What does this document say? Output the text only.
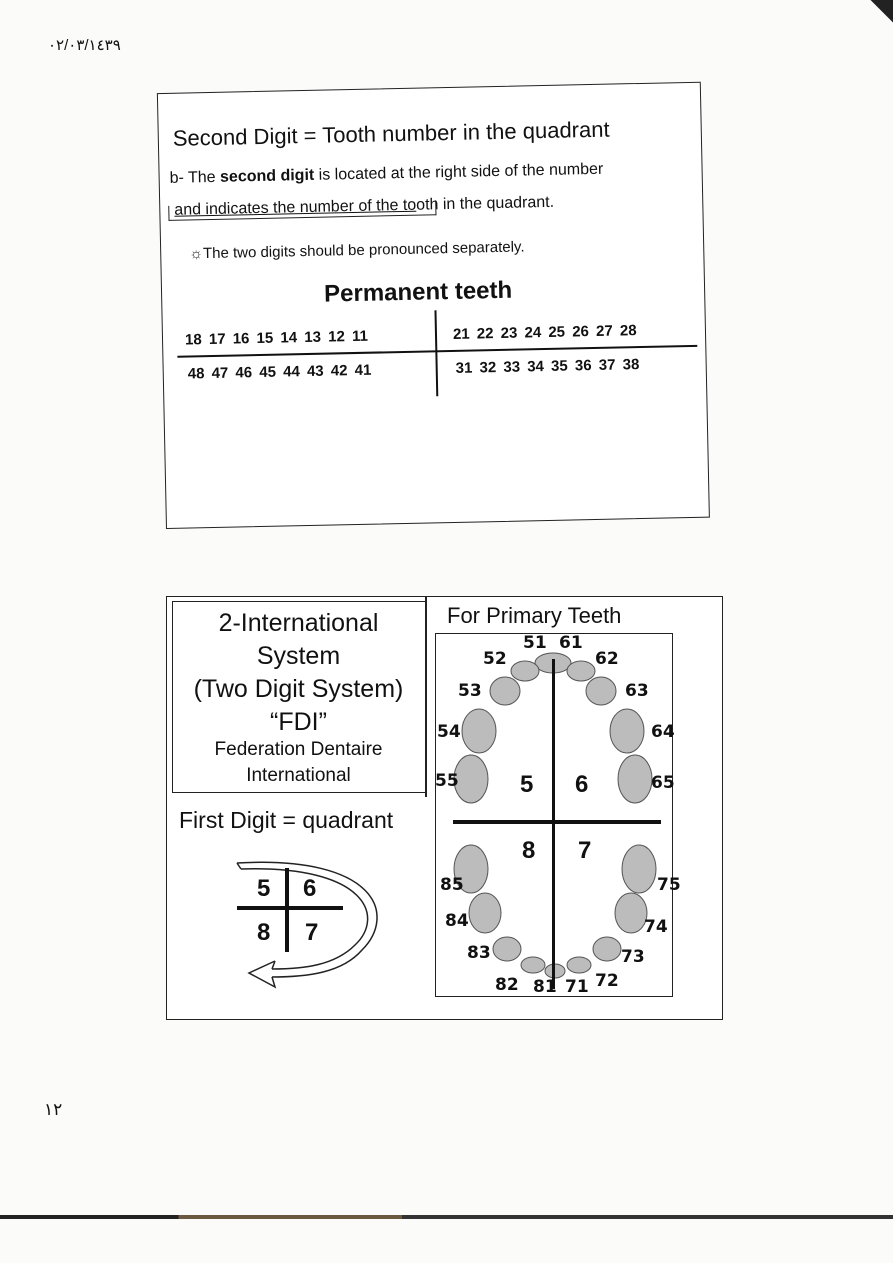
٠٢/٠٣/١٤٣٩
Second Digit = Tooth number in the quadrant
b- The second digit is located at the right side of the number
and indicates the number of the tooth in the quadrant.
☼The two digits should be pronounced separately.
Permanent teeth
18 17 16 15 14 13 12 11	21 22 23 24 25 26 27 28
48 47 46 45 44 43 42 41	31 32 33 34 35 36 37 38
2-International
System
(Two Digit System)
“FDI”
Federation Dentaire
International
First Digit = quadrant
5 6
8 7
For Primary Teeth
5 6
8 7
51 61
52	62
53	63
54	64
55	65
85	75
84	74
83	73
82 81 71 72
١٢
